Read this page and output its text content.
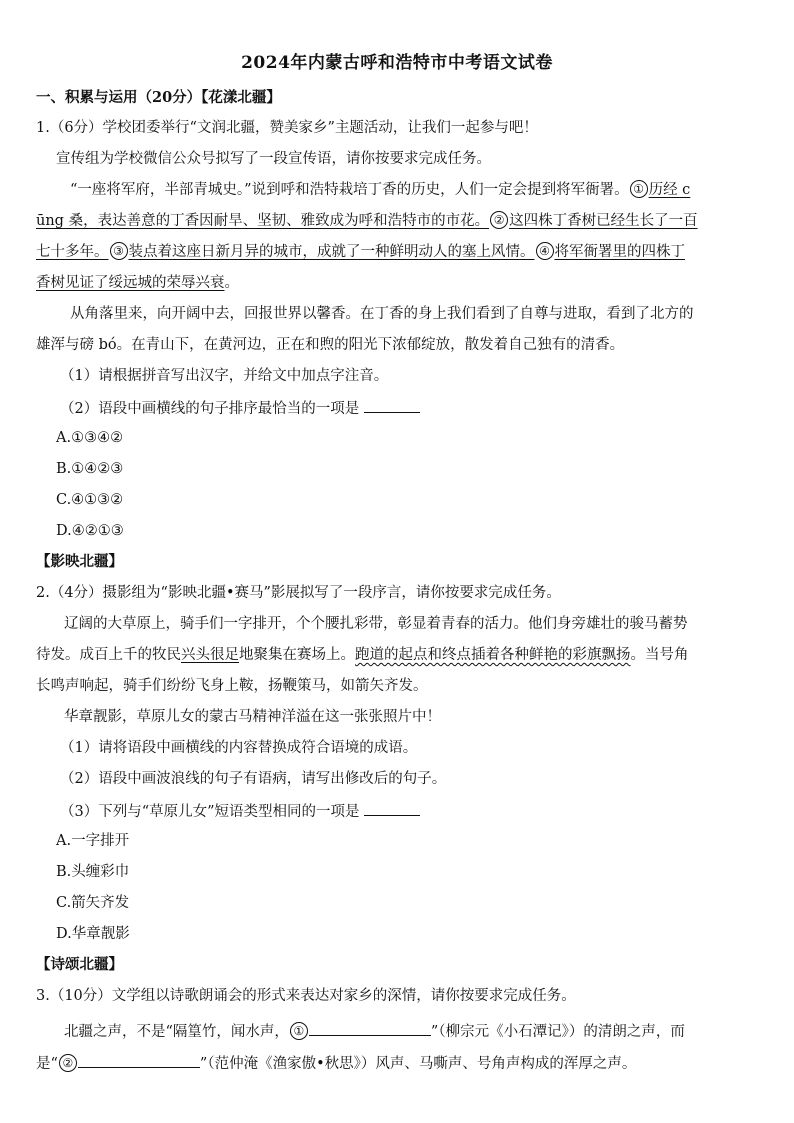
2024年内蒙古呼和浩特市中考语文试卷
一、积累与运用（20分）【花漾北疆】
1.（6分）学校团委举行“文润北疆，赞美家乡”主题活动，让我们一起参与吧！
宣传组为学校微信公众号拟写了一段宣传语，请你按要求完成任务。
“一座将军府，半部青城史。”说到呼和浩特栽培丁香的历史，人们一定会提到将军衙署。 ① 历经 c
ūng 桑，表达善意的丁香因耐旱、坚韧、雅致成为呼和浩特市的市花。 ② 这四株丁香树已经生长了一百
七十多年。 ③ 装点着这座日新月异的城市，成就了一种鲜明动人的塞上风情。 ④ 将军衙署里的四株丁
香树见证了绥远城的荣辱兴衰。
从角落里来，向开阔中去，回报世界以馨香。在丁香的身上我们看到了自尊与进取，看到了北方的
雄浑与磅 bó。在青山下，在黄河边，正在和煦的阳光下浓郁绽放，散发着自己独有的清香。
（1）请根据拼音写出汉字，并给文中加点字注音。
（2）语段中画横线的句子排序最恰当的一项是
A.①③④②
B.①④②③
C.④①③②
D.④②①③
【影映北疆】
2.（4分）摄影组为“影映北疆•赛马”影展拟写了一段序言，请你按要求完成任务。
辽阔的大草原上，骑手们一字排开，个个腰扎彩带，彰显着青春的活力。他们身旁雄壮的骏马蓄势
待发。成百上千的牧民兴头很足地聚集在赛场上。跑道的起点和终点插着各种鲜艳的彩旗飘扬。当号角
长鸣声响起，骑手们纷纷飞身上鞍，扬鞭策马，如箭矢齐发。
华章靓影，草原儿女的蒙古马精神洋溢在这一张张照片中！
（1）请将语段中画横线的内容替换成符合语境的成语。
（2）语段中画波浪线的句子有语病，请写出修改后的句子。
（3）下列与“草原儿女”短语类型相同的一项是
A.一字排开
B.头缠彩巾
C.箭矢齐发
D.华章靓影
【诗颂北疆】
3.（10分）文学组以诗歌朗诵会的形式来表达对家乡的深情，请你按要求完成任务。
北疆之声，不是“隔篁竹，闻水声， ①	”（柳宗元《小石潭记》）的清朗之声，而
是“ ②	”（范仲淹《渔家傲•秋思》）风声、马嘶声、号角声构成的浑厚之声。
